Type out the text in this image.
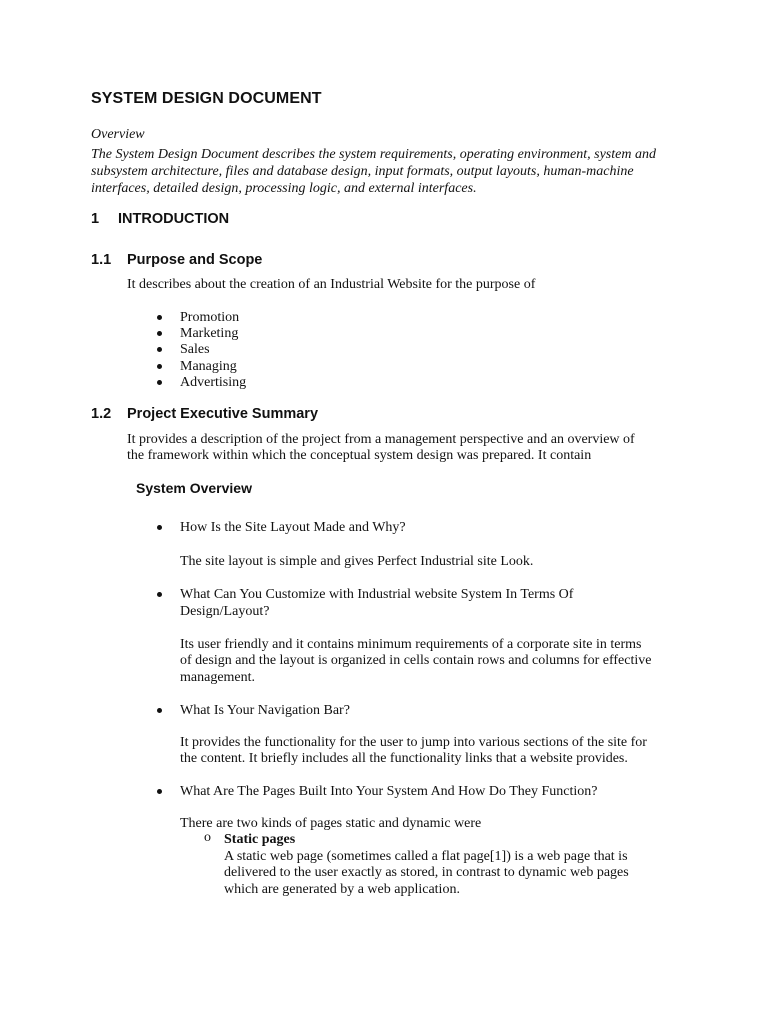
SYSTEM DESIGN DOCUMENT
Overview
The System Design Document describes the system requirements, operating environment, system and subsystem architecture, files and database design, input formats, output layouts, human-machine interfaces, detailed design, processing logic, and external interfaces.
1 INTRODUCTION
1.1 Purpose and Scope
It describes about the creation of an Industrial Website for the purpose of
Promotion
Marketing
Sales
Managing
Advertising
1.2 Project Executive Summary
It provides a description of the project from a management perspective and an overview of
the framework within which the conceptual system design was prepared. It contain
System Overview
How Is the Site Layout Made and Why?
The site layout is simple and gives Perfect Industrial site Look.
What Can You Customize with Industrial website System In Terms Of
Design/Layout?
Its user friendly and it contains minimum requirements of a corporate site in terms
of design and the layout is organized in cells contain rows and columns for effective
management.
What Is Your Navigation Bar?
It provides the functionality for the user to jump into various sections of the site for
the content. It briefly includes all the functionality links that a website provides.
What Are The Pages Built Into Your System And How Do They Function?
There are two kinds of pages static and dynamic were
o Static pages
A static web page (sometimes called a flat page[1]) is a web page that is
delivered to the user exactly as stored, in contrast to dynamic web pages
which are generated by a web application.
